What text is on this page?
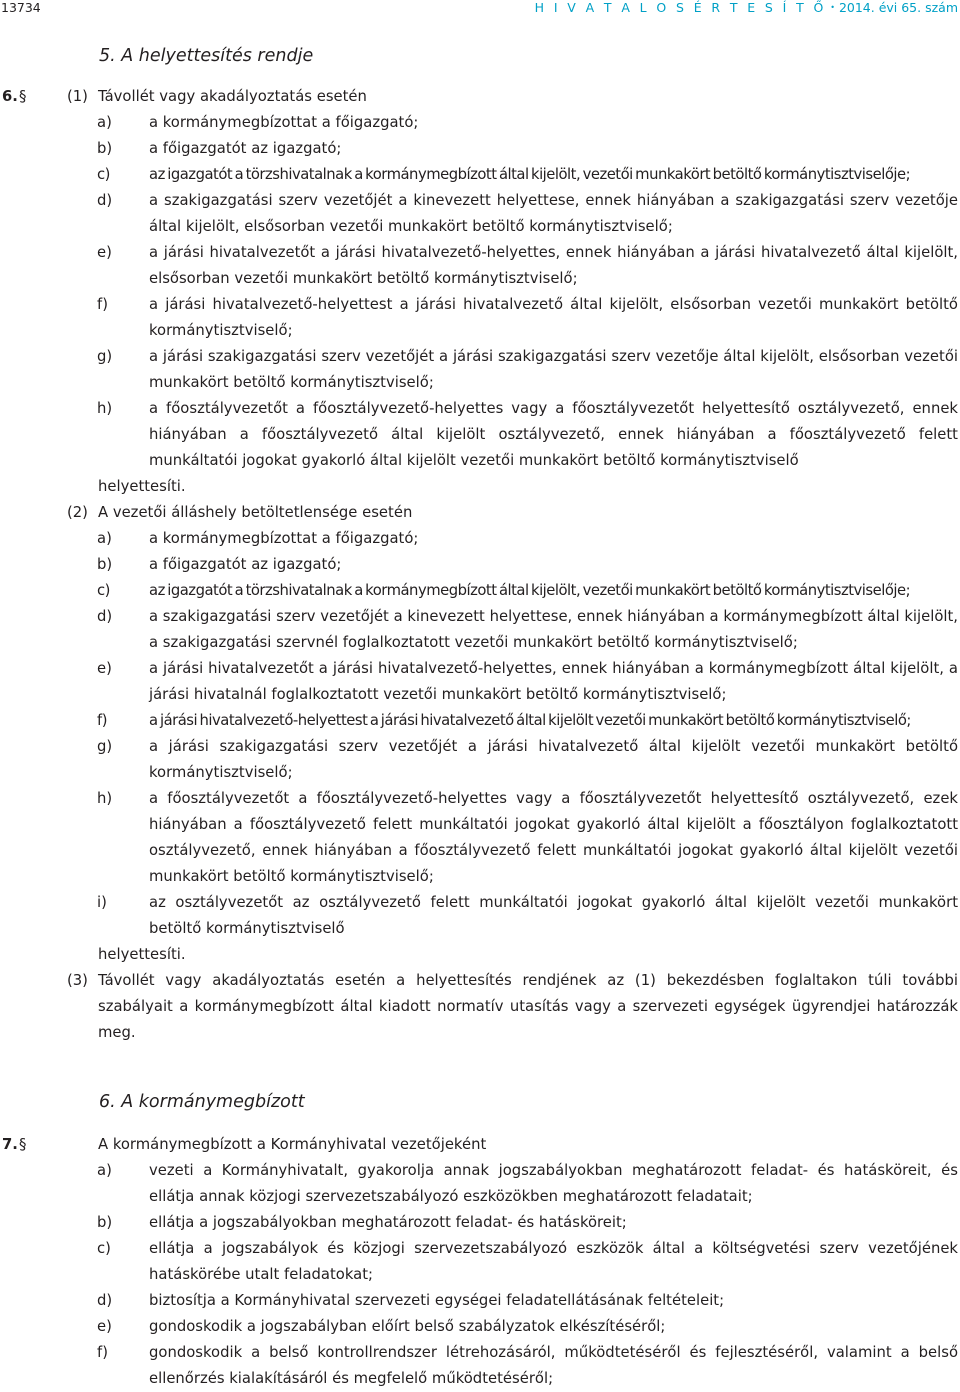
13734	H I V A T A L O S É R T E S Í T Ő • 2014. évi 65. szám
5. A helyettesítés rendje
6. §	(1) Távollét vagy akadályoztatás esetén
a)	a kormánymegbízottat a főigazgató;
b) a főigazgatót az igazgató;
c)	az igazgatót a törzshivatalnak a kormánymegbízott által kijelölt, vezetői munkakört betöltő kormánytisztviselője;
d) a szakigazgatási szerv vezetőjét a kinevezett helyettese, ennek hiányában a szakigazgatási szerv vezetője által kijelölt, elsősorban vezetői munkakört betöltő kormánytisztviselő;
e)	a járási hivatalvezetőt a járási hivatalvezető-helyettes, ennek hiányában a járási hivatalvezető által kijelölt, elsősorban vezetői munkakört betöltő kormánytisztviselő;
f)	a járási hivatalvezető-helyettest a járási hivatalvezető által kijelölt, elsősorban vezetői munkakört betöltő kormánytisztviselő;
g) a járási szakigazgatási szerv vezetőjét a járási szakigazgatási szerv vezetője által kijelölt, elsősorban vezetői munkakört betöltő kormánytisztviselő;
h) a főosztályvezetőt a főosztályvezető-helyettes vagy a főosztályvezetőt helyettesítő osztályvezető, ennek hiányában a főosztályvezető által kijelölt osztályvezető, ennek hiányában a főosztályvezető felett munkáltatói jogokat gyakorló által kijelölt vezetői munkakört betöltő kormánytisztviselő
helyettesíti.
(2) A vezetői álláshely betöltetlensége esetén
a)	a kormánymegbízottat a főigazgató;
b) a főigazgatót az igazgató;
c)	az igazgatót a törzshivatalnak a kormánymegbízott által kijelölt, vezetői munkakört betöltő kormánytisztviselője;
d) a szakigazgatási szerv vezetőjét a kinevezett helyettese, ennek hiányában a kormánymegbízott által kijelölt, a szakigazgatási szervnél foglalkoztatott vezetői munkakört betöltő kormánytisztviselő;
e)	a járási hivatalvezetőt a járási hivatalvezető-helyettes, ennek hiányában a kormánymegbízott által kijelölt, a járási hivatalnál foglalkoztatott vezetői munkakört betöltő kormánytisztviselő;
f)	a járási hivatalvezető-helyettest a járási hivatalvezető által kijelölt vezetői munkakört betöltő kormánytisztviselő;
g) a járási szakigazgatási szerv vezetőjét a járási hivatalvezető által kijelölt vezetői munkakört betöltő kormánytisztviselő;
h) a főosztályvezetőt a főosztályvezető-helyettes vagy a főosztályvezetőt helyettesítő osztályvezető, ezek hiányában a főosztályvezető felett munkáltatói jogokat gyakorló által kijelölt a főosztályon foglalkoztatott osztályvezető, ennek hiányában a főosztályvezető felett munkáltatói jogokat gyakorló által kijelölt vezetői munkakört betöltő kormánytisztviselő;
i)	az osztályvezetőt az osztályvezető felett munkáltatói jogokat gyakorló által kijelölt vezetői munkakört betöltő kormánytisztviselő
helyettesíti.
(3) Távollét vagy akadályoztatás esetén a helyettesítés rendjének az (1) bekezdésben foglaltakon túli további szabályait a kormánymegbízott által kiadott normatív utasítás vagy a szervezeti egységek ügyrendjei határozzák meg.
6. A kormánymegbízott
7. §	A kormánymegbízott a Kormányhivatal vezetőjeként
a)	vezeti a Kormányhivatalt, gyakorolja annak jogszabályokban meghatározott feladat- és hatásköreit, és ellátja annak közjogi szervezetszabályozó eszközökben meghatározott feladatait;
b) ellátja a jogszabályokban meghatározott feladat- és hatásköreit;
c)	ellátja a jogszabályok és közjogi szervezetszabályozó eszközök által a költségvetési szerv vezetőjének hatáskörébe utalt feladatokat;
d) biztosítja a Kormányhivatal szervezeti egységei feladatellátásának feltételeit;
e)	gondoskodik a jogszabályban előírt belső szabályzatok elkészítéséről;
f)	gondoskodik a belső kontrollrendszer létrehozásáról, működtetéséről és fejlesztéséről, valamint a belső ellenőrzés kialakításáról és megfelelő működtetéséről;
